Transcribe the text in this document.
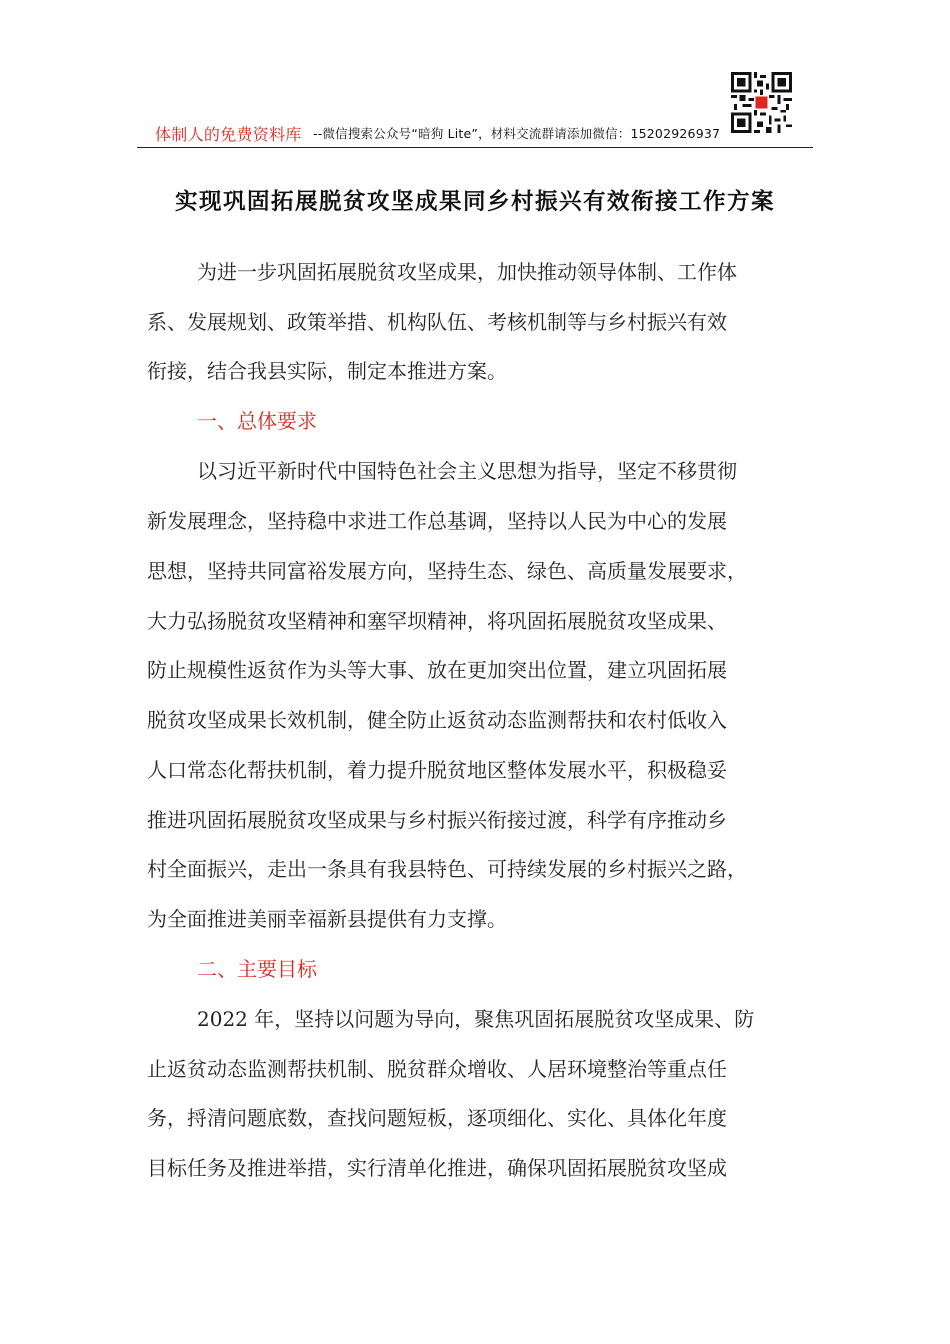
体制人的免费资料库 --微信搜索公众号“暗狗 Lite”，材料交流群请添加微信：15202926937
实现巩固拓展脱贫攻坚成果同乡村振兴有效衔接工作方案
为进一步巩固拓展脱贫攻坚成果，加快推动领导体制、工作体
系、发展规划、政策举措、机构队伍、考核机制等与乡村振兴有效
衔接，结合我县实际，制定本推进方案。
一、总体要求
以习近平新时代中国特色社会主义思想为指导，坚定不移贯彻
新发展理念，坚持稳中求进工作总基调，坚持以人民为中心的发展
思想，坚持共同富裕发展方向，坚持生态、绿色、高质量发展要求，
大力弘扬脱贫攻坚精神和塞罕坝精神，将巩固拓展脱贫攻坚成果、
防止规模性返贫作为头等大事、放在更加突出位置，建立巩固拓展
脱贫攻坚成果长效机制，健全防止返贫动态监测帮扶和农村低收入
人口常态化帮扶机制，着力提升脱贫地区整体发展水平，积极稳妥
推进巩固拓展脱贫攻坚成果与乡村振兴衔接过渡，科学有序推动乡
村全面振兴，走出一条具有我县特色、可持续发展的乡村振兴之路，
为全面推进美丽幸福新县提供有力支撑。
二、主要目标
2022 年，坚持以问题为导向，聚焦巩固拓展脱贫攻坚成果、防
止返贫动态监测帮扶机制、脱贫群众增收、人居环境整治等重点任
务，捋清问题底数，查找问题短板，逐项细化、实化、具体化年度
目标任务及推进举措，实行清单化推进，确保巩固拓展脱贫攻坚成
